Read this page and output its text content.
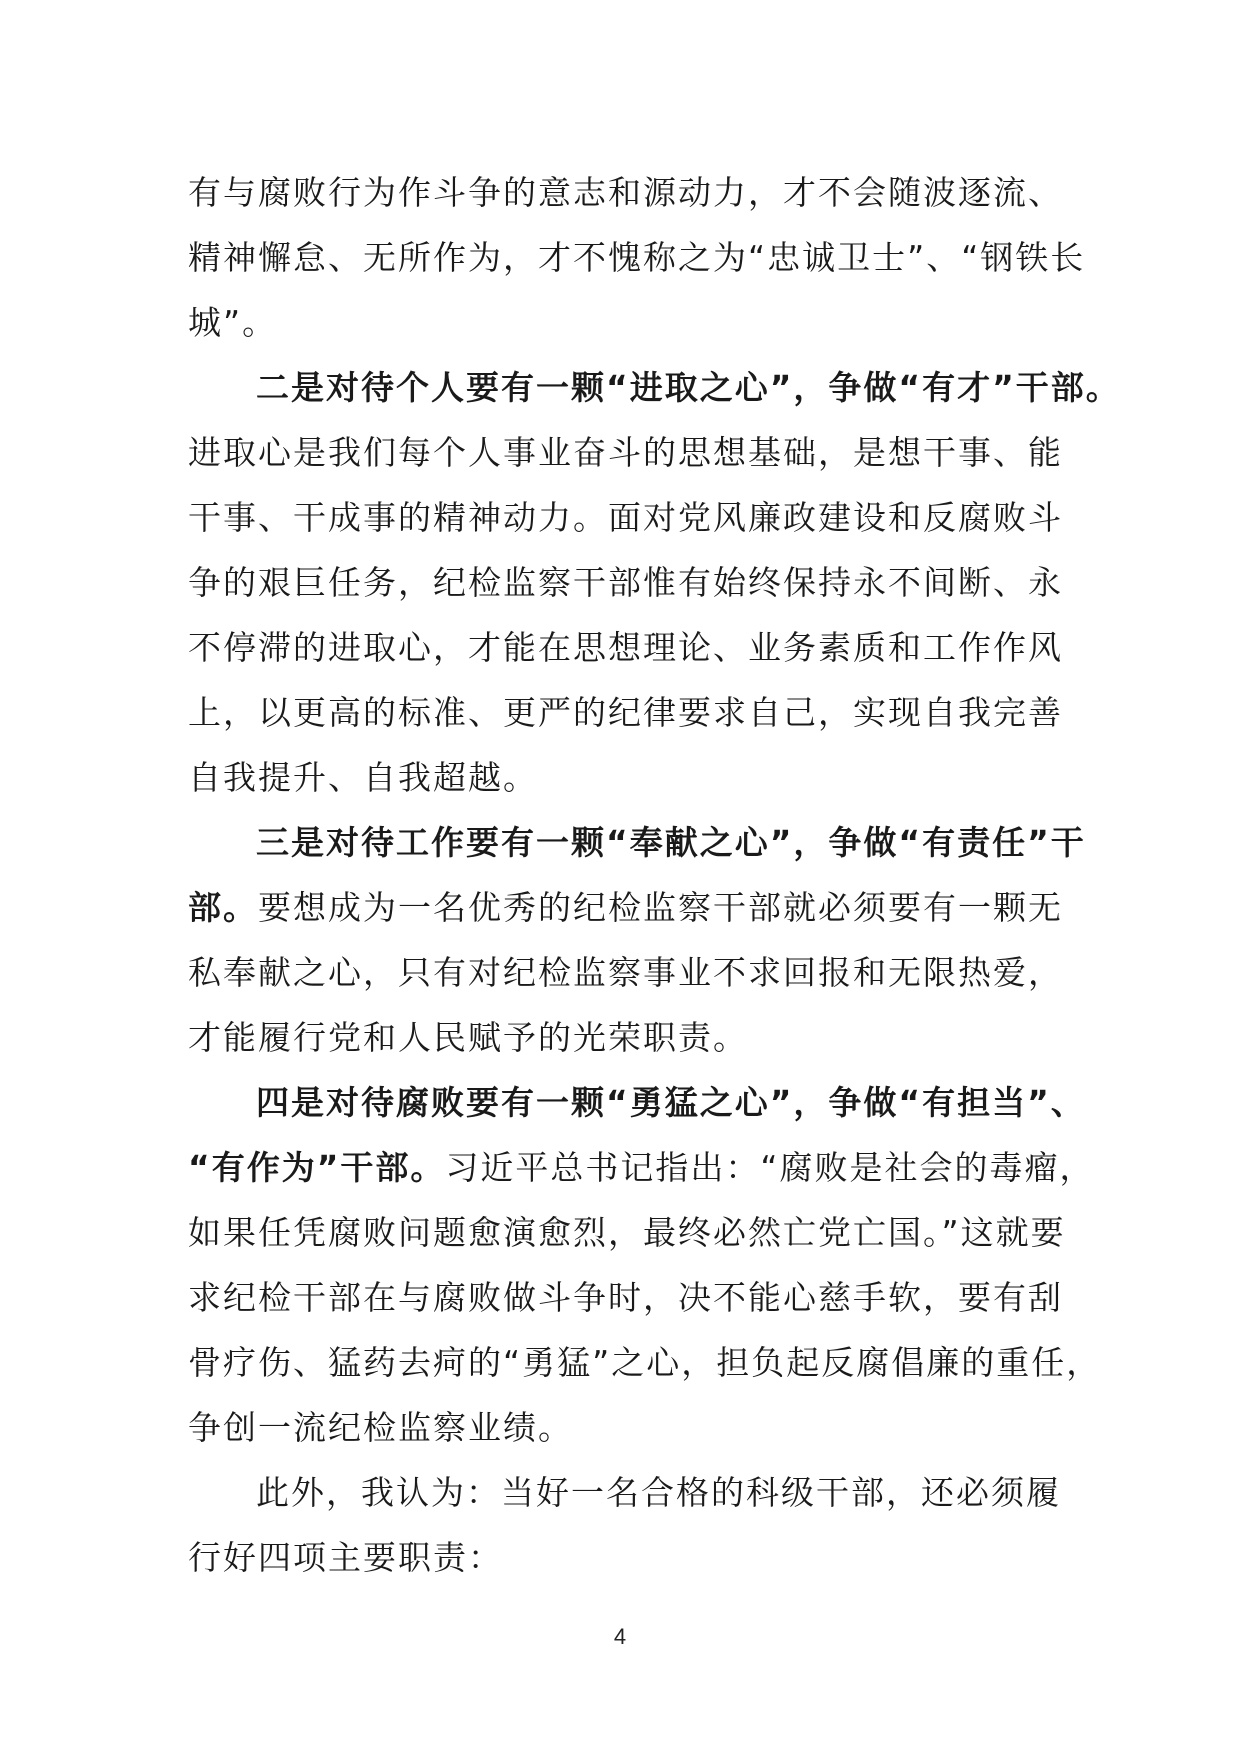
有与腐败行为作斗争的意志和源动力，才不会随波逐流、
精神懈怠、无所作为，才不愧称之为“忠诚卫士”、“钢铁长
城”。

二是对待个人要有一颗“进取之心”，争做“有才”干部。
进取心是我们每个人事业奋斗的思想基础，是想干事、能
干事、干成事的精神动力。面对党风廉政建设和反腐败斗
争的艰巨任务，纪检监察干部惟有始终保持永不间断、永
不停滞的进取心，才能在思想理论、业务素质和工作作风
上，以更高的标准、更严的纪律要求自己，实现自我完善
自我提升、自我超越。

三是对待工作要有一颗“奉献之心”，争做“有责任”干
部。要想成为一名优秀的纪检监察干部就必须要有一颗无
私奉献之心，只有对纪检监察事业不求回报和无限热爱，
才能履行党和人民赋予的光荣职责。

四是对待腐败要有一颗“勇猛之心”，争做“有担当”、
“有作为”干部。习近平总书记指出：“腐败是社会的毒瘤，
如果任凭腐败问题愈演愈烈，最终必然亡党亡国。”这就要
求纪检干部在与腐败做斗争时，决不能心慈手软，要有刮
骨疗伤、猛药去疴的“勇猛”之心，担负起反腐倡廉的重任，
争创一流纪检监察业绩。

此外，我认为：当好一名合格的科级干部，还必须履
行好四项主要职责：

4
